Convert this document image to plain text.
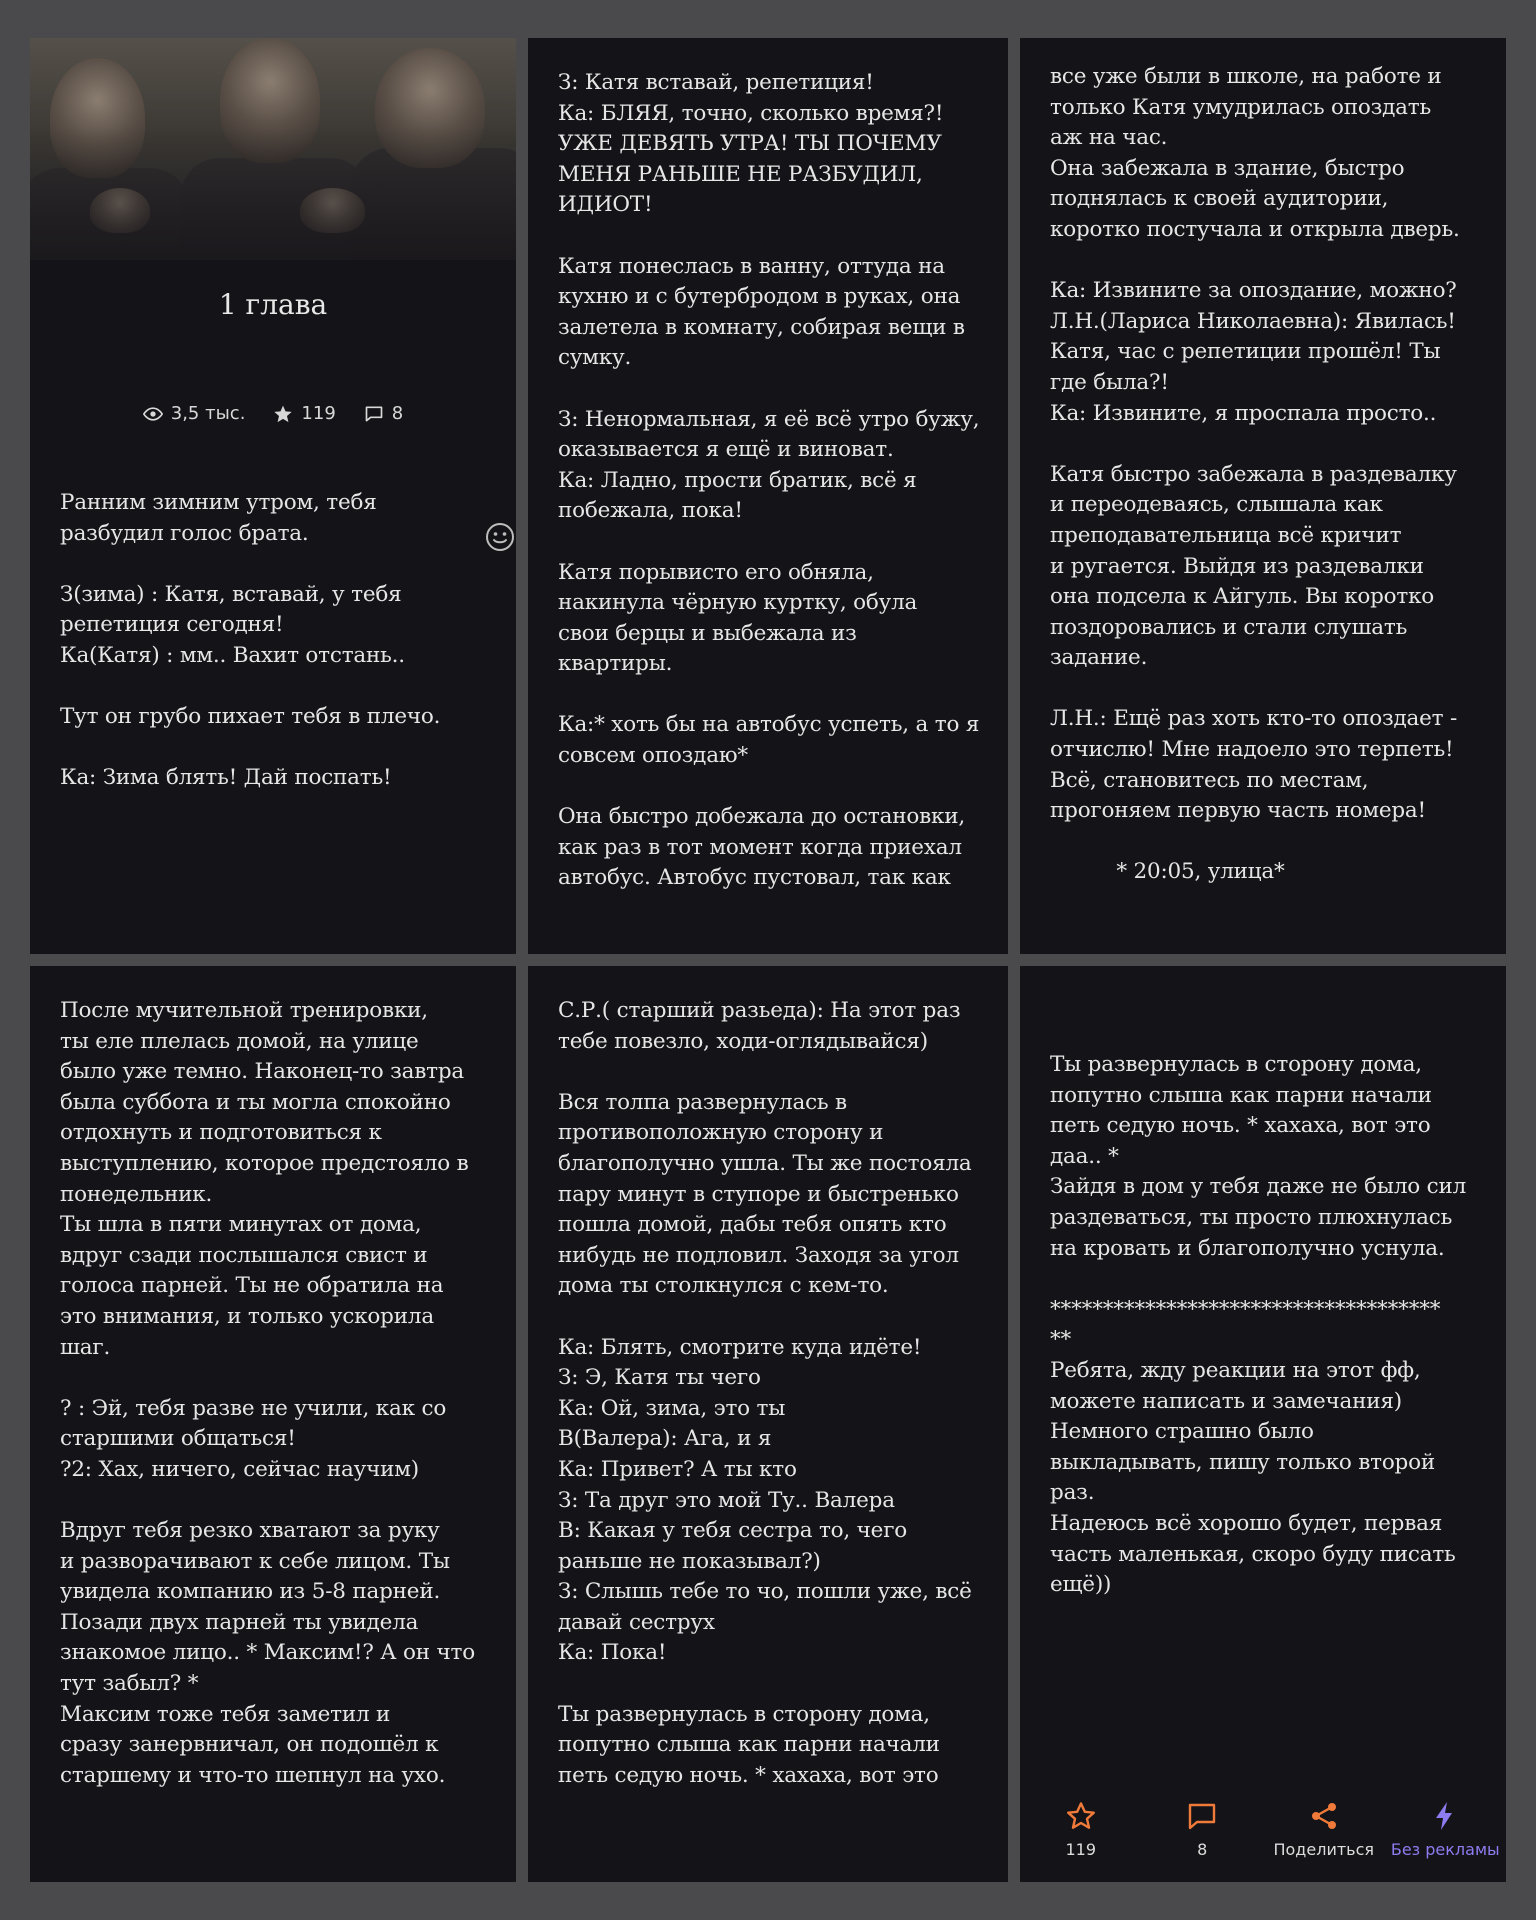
1 глава
3,5 тыс.	119	8
Ранним зимним утром, тебя
разбудил голос брата.

З(зима) : Катя, вставай, у тебя
репетиция сегодня!
Ка(Катя) : мм.. Вахит отстань..

Тут он грубо пихает тебя в плечо.

Ка: Зима блять! Дай поспать!
З: Катя вставай, репетиция!
Ка: БЛЯЯ, точно, сколько время?!
УЖЕ ДЕВЯТЬ УТРА! ТЫ ПОЧЕМУ
МЕНЯ РАНЬШЕ НЕ РАЗБУДИЛ,
ИДИОТ!

Катя понеслась в ванну, оттуда на
кухню и с бутербродом в руках, она
залетела в комнату, собирая вещи в
сумку.

З: Ненормальная, я её всё утро бужу,
оказывается я ещё и виноват.
Ка: Ладно, прости братик, всё я
побежала, пока!

Катя порывисто его обняла,
накинула чёрную куртку, обула
свои берцы и выбежала из
квартиры.

Ка:* хоть бы на автобус успеть, а то я
совсем опоздаю*

Она быстро добежала до остановки,
как раз в тот момент когда приехал
автобус. Автобус пустовал, так как
все уже были в школе, на работе и
только Катя умудрилась опоздать
аж на час.
Она забежала в здание, быстро
поднялась к своей аудитории,
коротко постучала и открыла дверь.

Ка: Извините за опоздание, можно?
Л.Н.(Лариса Николаевна): Явилась!
Катя, час с репетиции прошёл! Ты
где была?!
Ка: Извините, я проспала просто..

Катя быстро забежала в раздевалку
и переодеваясь, слышала как
преподавательница всё кричит
и ругается. Выйдя из раздевалки
она подсела к Айгуль. Вы коротко
поздоровались и стали слушать
задание.

Л.Н.: Ещё раз хоть кто-то опоздает -
отчислю! Мне надоело это терпеть!
Всё, становитесь по местам,
прогоняем первую часть номера!

* 20:05, улица*
После мучительной тренировки,
ты еле плелась домой, на улице
было уже темно. Наконец-то завтра
была суббота и ты могла спокойно
отдохнуть и подготовиться к
выступлению, которое предстояло в
понедельник.
Ты шла в пяти минутах от дома,
вдруг сзади послышался свист и
голоса парней. Ты не обратила на
это внимания, и только ускорила
шаг.

? : Эй, тебя разве не учили, как со
старшими общаться!
?2: Хах, ничего, сейчас научим)

Вдруг тебя резко хватают за руку
и разворачивают к себе лицом. Ты
увидела компанию из 5-8 парней.
Позади двух парней ты увидела
знакомое лицо.. * Максим!? А он что
тут забыл? *
Максим тоже тебя заметил и
сразу занервничал, он подошёл к
старшему и что-то шепнул на ухо.
С.Р.( старший разьеда): На этот раз
тебе повезло, ходи-оглядывайся)

Вся толпа развернулась в
противоположную сторону и
благополучно ушла. Ты же постояла
пару минут в ступоре и быстренько
пошла домой, дабы тебя опять кто
нибудь не подловил. Заходя за угол
дома ты столкнулся с кем-то.

Ка: Блять, смотрите куда идёте!
З: Э, Катя ты чего
Ка: Ой, зима, это ты
В(Валера): Ага, и я
Ка: Привет? А ты кто
З: Та друг это мой Ту.. Валера
В: Какая у тебя сестра то, чего
раньше не показывал?)
З: Слышь тебе то чо, пошли уже, всё
давай сеструх
Ка: Пока!

Ты развернулась в сторону дома,
попутно слыша как парни начали
петь седую ночь. * хахаха, вот это
Ты развернулась в сторону дома,
попутно слыша как парни начали
петь седую ночь. * хахаха, вот это
даа.. *
Зайдя в дом у тебя даже не было сил
раздеваться, ты просто плюхнулась
на кровать и благополучно уснула.

*************************************
**
Ребята, жду реакции на этот фф,
можете написать и замечания)
Немного страшно было
выкладывать, пишу только второй
раз.
Надеюсь всё хорошо будет, первая
часть маленькая, скоро буду писать
ещё))
119	8	Поделиться Без рекламы
